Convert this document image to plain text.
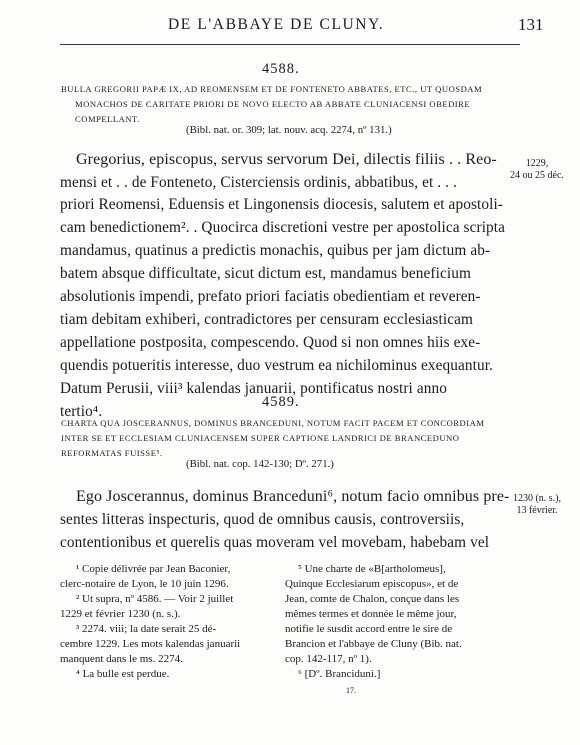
DE L'ABBAYE DE CLUNY.	131
4588.
BULLA GREGORII PAPÆ IX, AD REOMENSEM ET DE FONTENETO ABBATES, ETC., UT QUOSDAM
MONACHOS DE CARITATE PRIORI DE NOVO ELECTO AB ABBATE CLUNIACENSI OBEDIRE
COMPELLANT.
(Bibl. nat. or. 309; lat. nouv. acq. 2274, nº 131.)
1229,
24 ou 25 déc.
Gregorius, episcopus, servus servorum Dei, dilectis filiis . . Reo-
mensi et . . de Fonteneto, Cisterciensis ordinis, abbatibus, et . . .
priori Reomensi, Eduensis et Lingonensis diocesis, salutem et apostoli-
cam benedictionem². . Quocirca discretioni vestre per apostolica scripta
mandamus, quatinus a predictis monachis, quibus per jam dictum ab-
batem absque difficultate, sicut dictum est, mandamus beneficium
absolutionis impendi, prefato priori faciatis obedientiam et reveren-
tiam debitam exhiberi, contradictores per censuram ecclesiasticam
appellatione postposita, compescendo. Quod si non omnes hiis exe-
quendis potueritis interesse, duo vestrum ea nichilominus exequantur.
Datum Perusii, viii³ kalendas januarii, pontificatus nostri anno
tertio⁴.
4589.
CHARTA QUA JOSCERANNUS, DOMINUS BRANCEDUNI, NOTUM FACIT PACEM ET CONCORDIAM
INTER SE ET ECCLESIAM CLUNIACENSEM SUPER CAPTIONE LANDRICI DE BRANCEDUNO
REFORMATAS FUISSE⁵.
(Bibl. nat. cop. 142-130; Dº. 271.)
1230 (n. s.),
13 février.
Ego Joscerannus, dominus Branceduni⁶, notum facio omnibus pre-
sentes litteras inspecturis, quod de omnibus causis, controversiis,
contentionibus et querelis quas moveram vel movebam, habebam vel
¹ Copie délivrée par Jean Baconier,
clerc-notaire de Lyon, le 10 juin 1296.
² Ut supra, nº 4586. — Voir 2 juillet
1229 et février 1230 (n. s.).
³ 2274. viii; la date serait 25 dé-
cembre 1229. Les mots kalendas januarii
manquent dans le ms. 2274.
⁴ La bulle est perdue.
⁵ Une charte de «B[artholomeus],
Quinque Ecclesiarum episcopus», et de
Jean, comte de Chalon, conçue dans les
mêmes termes et donnée le même jour,
notifie le susdit accord entre le sire de
Brancion et l'abbaye de Cluny (Bib. nat.
cop. 142-117, nº 1).
⁶ [Dº. Branciduni.]
17.
